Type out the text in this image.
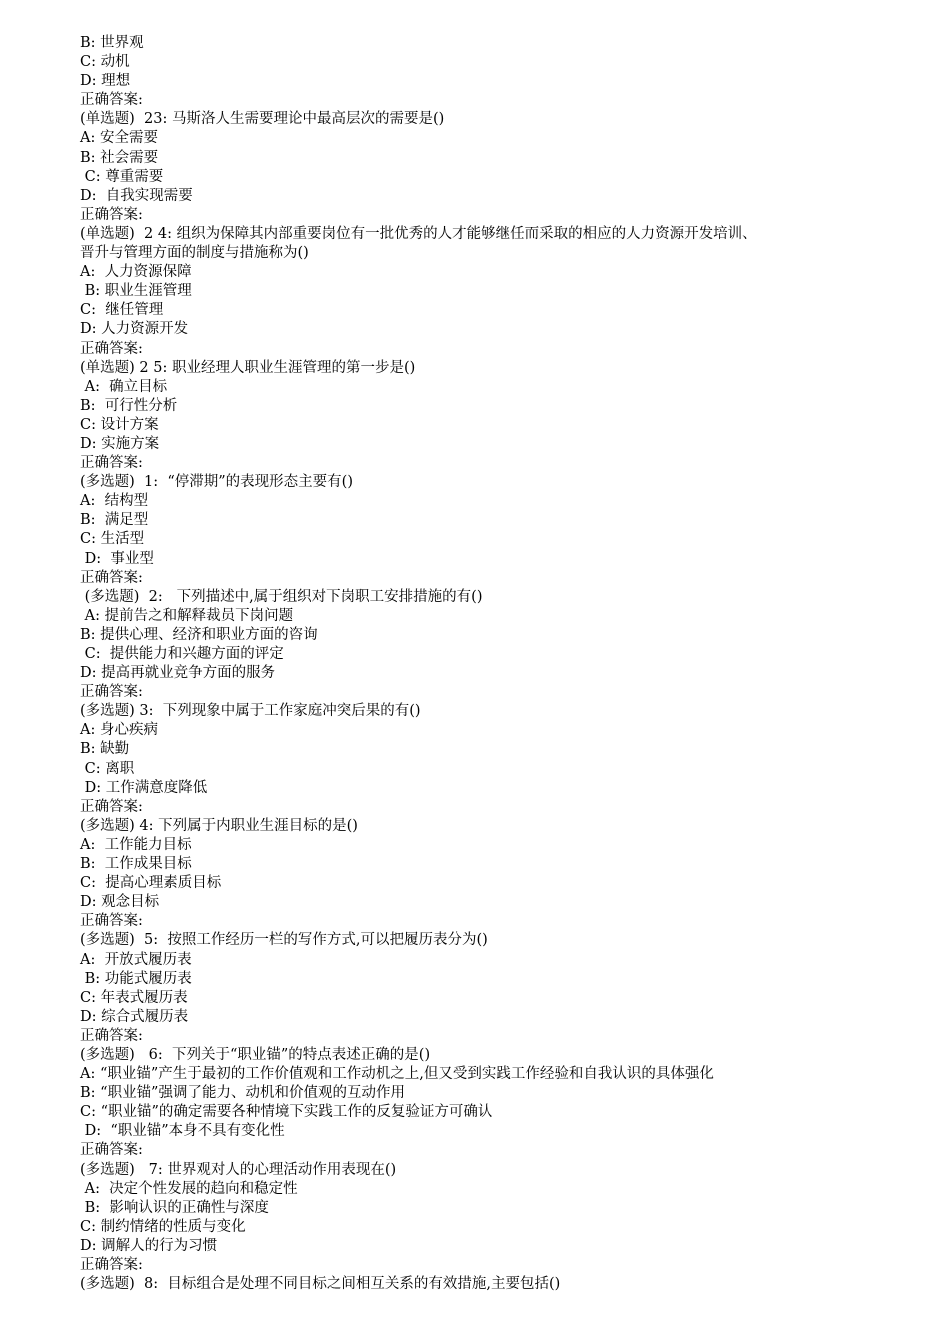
B: 世界观
C: 动机
D: 理想
正确答案:
(单选题)  23: 马斯洛人生需要理论中最高层次的需要是()
A: 安全需要
B: 社会需要
C: 尊重需要
D:  自我实现需要
正确答案:
(单选题)  2 4: 组织为保障其内部重要岗位有一批优秀的人才能够继任而采取的相应的人力资源开发培训、
晋升与管理方面的制度与措施称为()
A:  人力资源保障
B: 职业生涯管理
C:  继任管理
D: 人力资源开发
正确答案:
(单选题) 2 5: 职业经理人职业生涯管理的第一步是()
A:  确立目标
B:  可行性分析
C: 设计方案
D: 实施方案
正确答案:
(多选题)  1:  “停滞期”的表现形态主要有()
A:  结构型
B:  满足型
C: 生活型
D:  事业型
正确答案:
(多选题)  2:   下列描述中,属于组织对下岗职工安排措施的有()
A: 提前告之和解释裁员下岗问题
B: 提供心理、经济和职业方面的咨询
C:  提供能力和兴趣方面的评定
D: 提高再就业竞争方面的服务
正确答案:
(多选题) 3:  下列现象中属于工作家庭冲突后果的有()
A: 身心疾病
B: 缺勤
C: 离职
D: 工作满意度降低
正确答案:
(多选题) 4: 下列属于内职业生涯目标的是()
A:  工作能力目标
B:  工作成果目标
C:  提高心理素质目标
D: 观念目标
正确答案:
(多选题)  5:  按照工作经历一栏的写作方式,可以把履历表分为()
A:  开放式履历表
B: 功能式履历表
C: 年表式履历表
D: 综合式履历表
正确答案:
(多选题)   6:  下列关于“职业锚”的特点表述正确的是()
A: “职业锚”产生于最初的工作价值观和工作动机之上,但又受到实践工作经验和自我认识的具体强化
B: “职业锚”强调了能力、动机和价值观的互动作用
C: “职业锚”的确定需要各种情境下实践工作的反复验证方可确认
D:  “职业锚”本身不具有变化性
正确答案:
(多选题)   7: 世界观对人的心理活动作用表现在()
A:  决定个性发展的趋向和稳定性
B:  影响认识的正确性与深度
C: 制约情绪的性质与变化
D: 调解人的行为习惯
正确答案:
(多选题)  8:  目标组合是处理不同目标之间相互关系的有效措施,主要包括()
